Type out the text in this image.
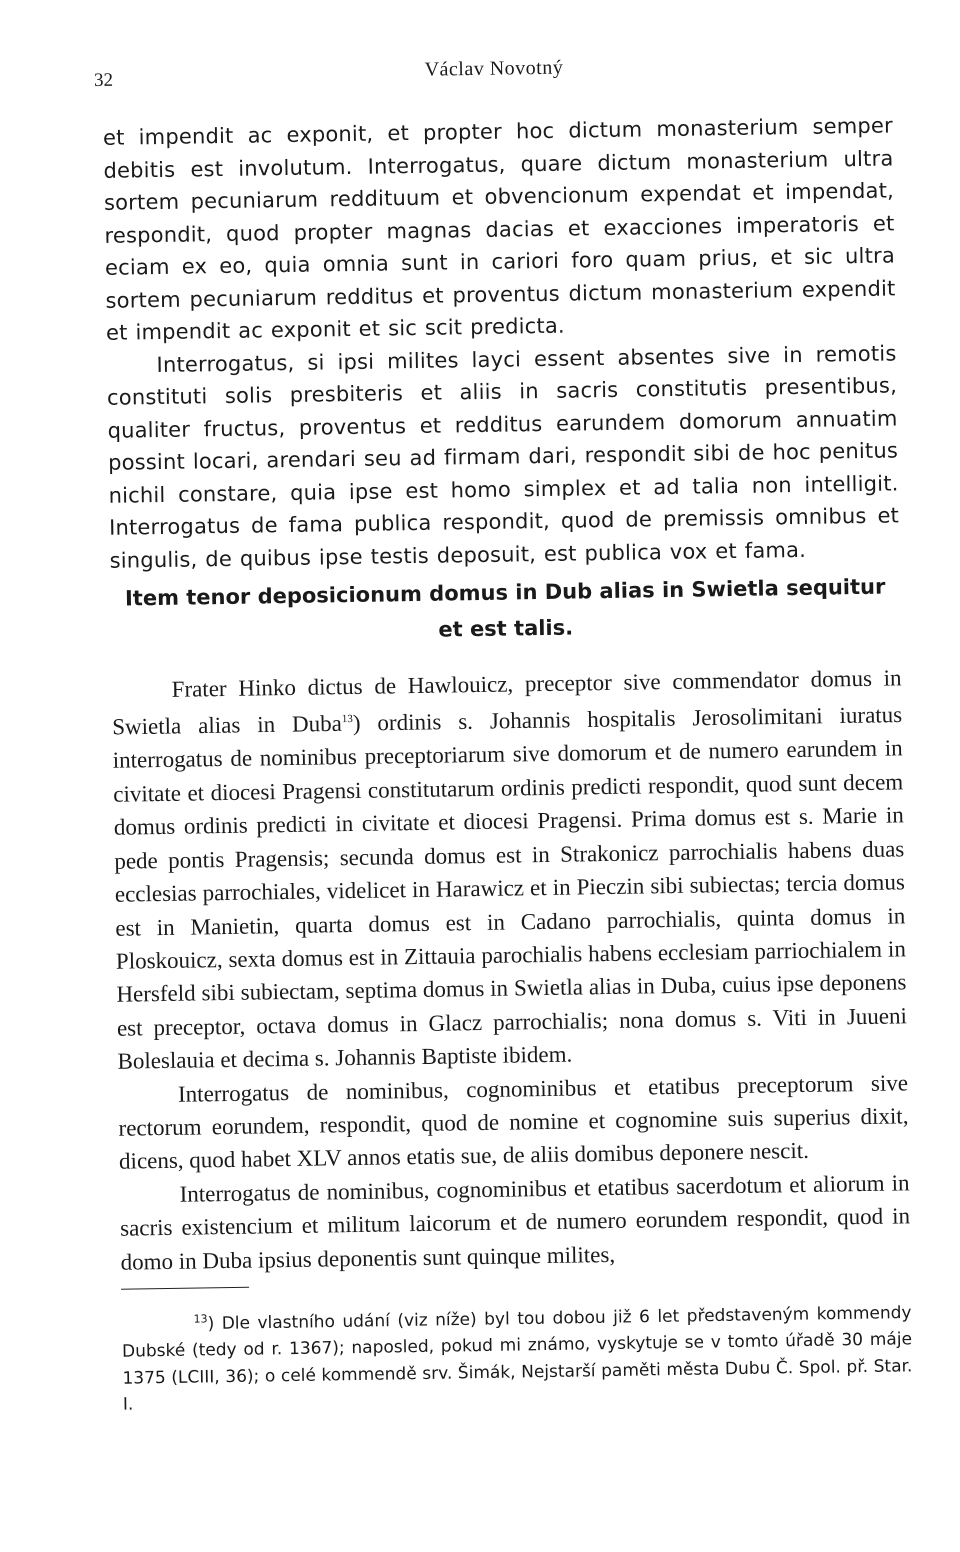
32	Václav Novotný

et impendit ac exponit, et propter hoc dictum monasterium semper debitis est involutum. Interrogatus, quare dictum monasterium ultra sortem pecuniarum reddituum et obvencionum expendat et impendat, respondit, quod propter magnas dacias et exacciones imperatoris et eciam ex eo, quia omnia sunt in cariori foro quam prius, et sic ultra sortem pecuniarum redditus et proventus dictum monasterium expendit et impendit ac exponit et sic scit predicta.

Interrogatus, si ipsi milites layci essent absentes sive in remotis constituti solis presbiteris et aliis in sacris constitutis presentibus, qualiter fructus, proventus et redditus earundem domorum annuatim possint locari, arendari seu ad firmam dari, respondit sibi de hoc penitus nichil constare, quia ipse est homo simplex et ad talia non intelligit. Interrogatus de fama publica respondit, quod de premissis omnibus et singulis, de quibus ipse testis deposuit, est publica vox et fama.

Item tenor deposicionum domus in Dub alias in Swietla sequitur et est talis.

Frater Hinko dictus de Hawlouicz, preceptor sive commendator domus in Swietla alias in Duba$^{13}$) ordinis s. Johannis hospitalis Jerosolimitani iuratus interrogatus de nominibus preceptoriarum sive domorum et de numero earundem in civitate et diocesi Pragensi constitutarum ordinis predicti respondit, quod sunt decem domus ordinis predicti in civitate et diocesi Pragensi. Prima domus est s. Marie in pede pontis Pragensis; secunda domus est in Strakonicz parrochialis habens duas ecclesias parrochiales, videlicet in Harawicz et in Pieczin sibi subiectas; tercia domus est in Manietin, quarta domus est in Cadano parrochialis, quinta domus in Ploskouicz, sexta domus est in Zittauia parochialis habens ecclesiam parriochialem in Hersfeld sibi subiectam, septima domus in Swietla alias in Duba, cuius ipse deponens est preceptor, octava domus in Glacz parrochialis; nona domus s. Viti in Juueni Boleslauia et decima s. Johannis Baptiste ibidem.

Interrogatus de nominibus, cognominibus et etatibus preceptorum sive rectorum eorundem, respondit, quod de nomine et cognomine suis superius dixit, dicens, quod habet XLV annos etatis sue, de aliis domibus deponere nescit.

Interrogatus de nominibus, cognominibus et etatibus sacerdotum et aliorum in sacris existencium et militum laicorum et de numero eorundem respondit, quod in domo in Duba ipsius deponentis sunt quinque milites,

$^{13}$) Dle vlastního udání (viz níže) byl tou dobou již 6 let představeným kommendy Dubské (tedy od r. 1367); naposled, pokud mi známo, vyskytuje se v tomto úřadě 30 máje 1375 (LCIII, 36); o celé kommendě srv. Šimák, Nejstarší paměti města Dubu Č. Spol. př. Star. I.
